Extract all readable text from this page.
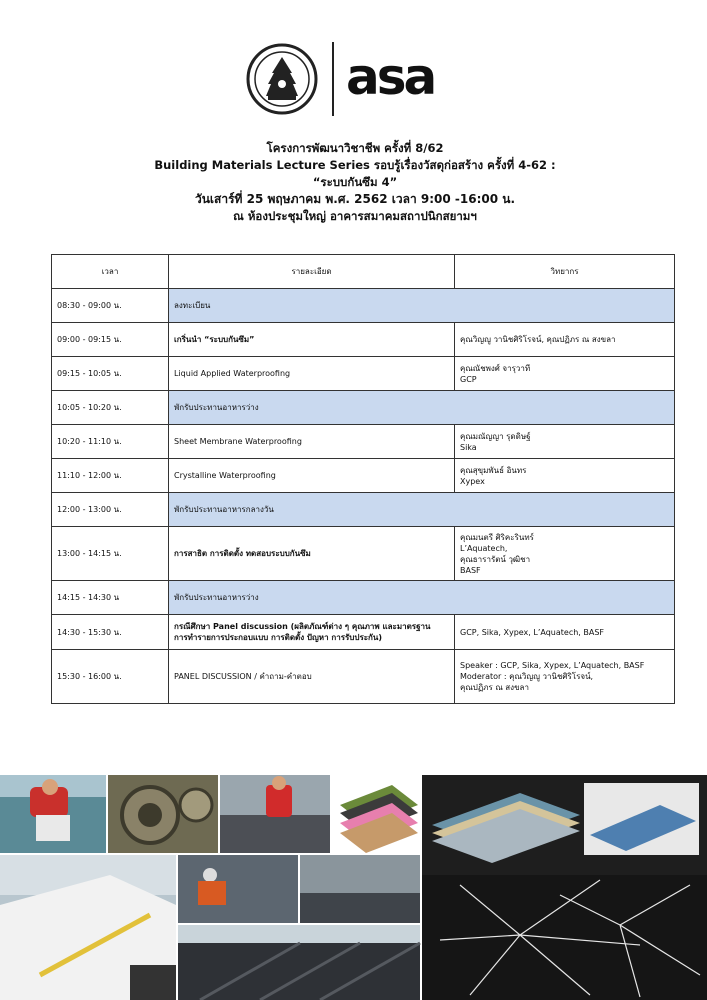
asa
โครงการพัฒนาวิชาชีพ ครั้งที่ 8/62
Building Materials Lecture Series รอบรู้เรื่องวัสดุก่อสร้าง ครั้งที่ 4-62 :
“ระบบกันซึม 4”
วันเสาร์ที่ 25 พฤษภาคม พ.ศ. 2562 เวลา 9:00 -16:00 น.
ณ ห้องประชุมใหญ่ อาคารสมาคมสถาปนิกสยามฯ
เวลา	รายละเอียด	วิทยากร
08:30 - 09:00 น.	ลงทะเบียน	

09:00 - 09:15 น.	เกริ่นนำ “ระบบกันซึม”	คุณวิญญู วานิชศิริโรจน์, คุณปฏิภร ณ สงขลา

09:15 - 10:05 น.	Liquid Applied Waterproofing	คุณณัชพงศ์ จารุวาที
GCP

10:05 - 10:20 น.	พักรับประทานอาหารว่าง	

10:20 - 11:10 น.	Sheet Membrane Waterproofing	คุณมณัญญา รุดดิษฐ์
Sika

11:10 - 12:00 น.	Crystalline Waterproofing	คุณสุขุมพันธ์ อินทร
Xypex

12:00 - 13:00 น.	พักรับประทานอาหารกลางวัน	

13:00 - 14:15 น.	การสาธิต การติดตั้ง ทดสอบระบบกันซึม	คุณมนตรี ศิริคะรินทร์
L’Aquatech,
คุณธารารัตน์ วุฒิชา
BASF

14:15 - 14:30 น	พักรับประทานอาหารว่าง	

14:30 - 15:30 น.	กรณีศึกษา Panel discussion (ผลิตภัณฑ์ต่าง ๆ คุณภาพ และมาตรฐาน
การทำรายการประกอบแบบ การติดตั้ง ปัญหา การรับประกัน)	GCP, Sika, Xypex, L’Aquatech, BASF

15:30 - 16:00 น.	PANEL DISCUSSION / คำถาม-คำตอบ	Speaker : GCP, Sika, Xypex, L’Aquatech, BASF
Moderator : คุณวิญญู วานิชศิริโรจน์,
คุณปฏิภร ณ สงขลา
